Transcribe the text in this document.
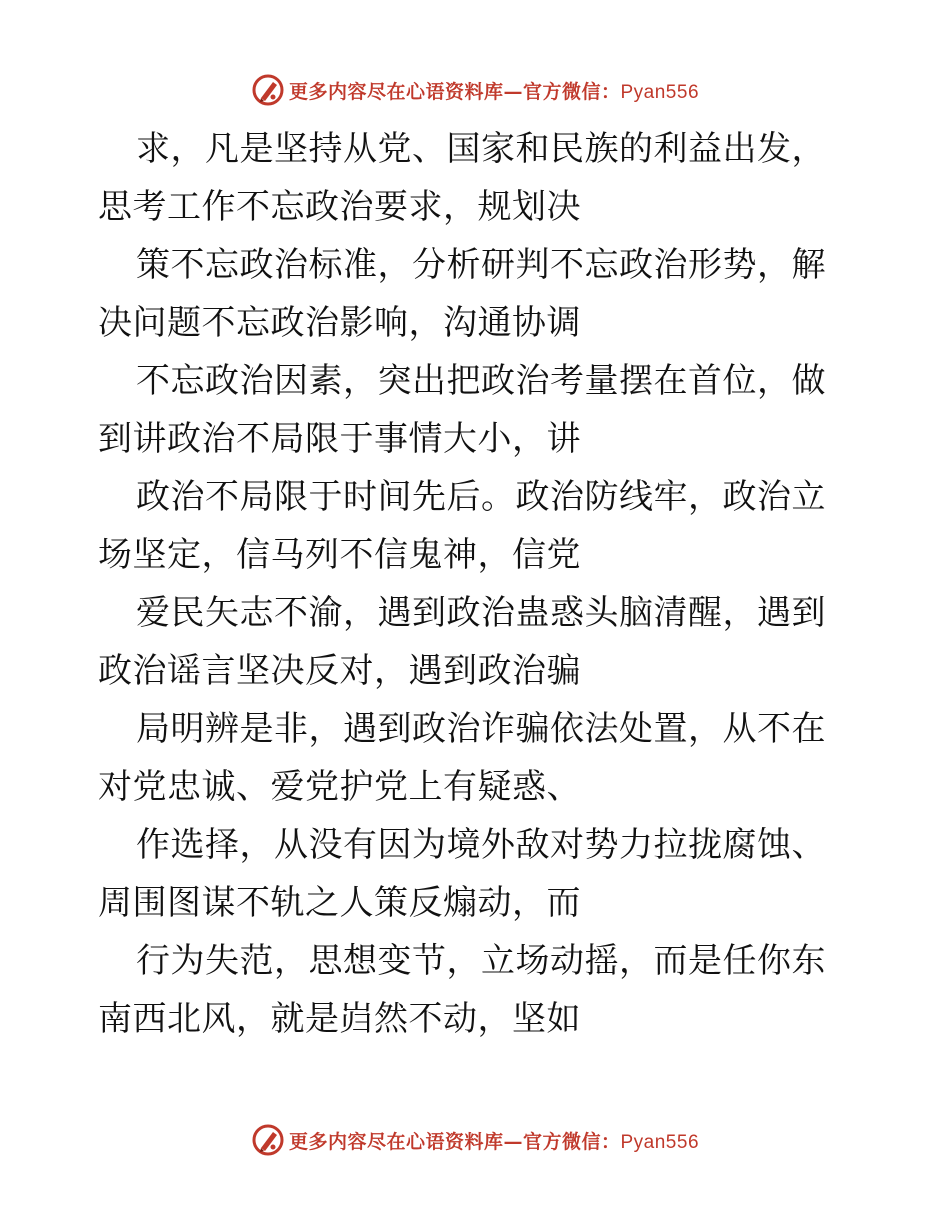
更多内容尽在心语资料库—官方微信：Pyan556

求，凡是坚持从党、国家和民族的利益出发，思考工作不忘政治要求，规划决

策不忘政治标准，分析研判不忘政治形势，解决问题不忘政治影响，沟通协调

不忘政治因素，突出把政治考量摆在首位，做到讲政治不局限于事情大小，讲

政治不局限于时间先后。政治防线牢，政治立场坚定，信马列不信鬼神，信党

爱民矢志不渝，遇到政治蛊惑头脑清醒，遇到政治谣言坚决反对，遇到政治骗

局明辨是非，遇到政治诈骗依法处置，从不在对党忠诚、爱党护党上有疑惑、

作选择，从没有因为境外敌对势力拉拢腐蚀、周围图谋不轨之人策反煽动，而

行为失范，思想变节，立场动摇，而是任你东南西北风，就是岿然不动，坚如

更多内容尽在心语资料库—官方微信：Pyan556
